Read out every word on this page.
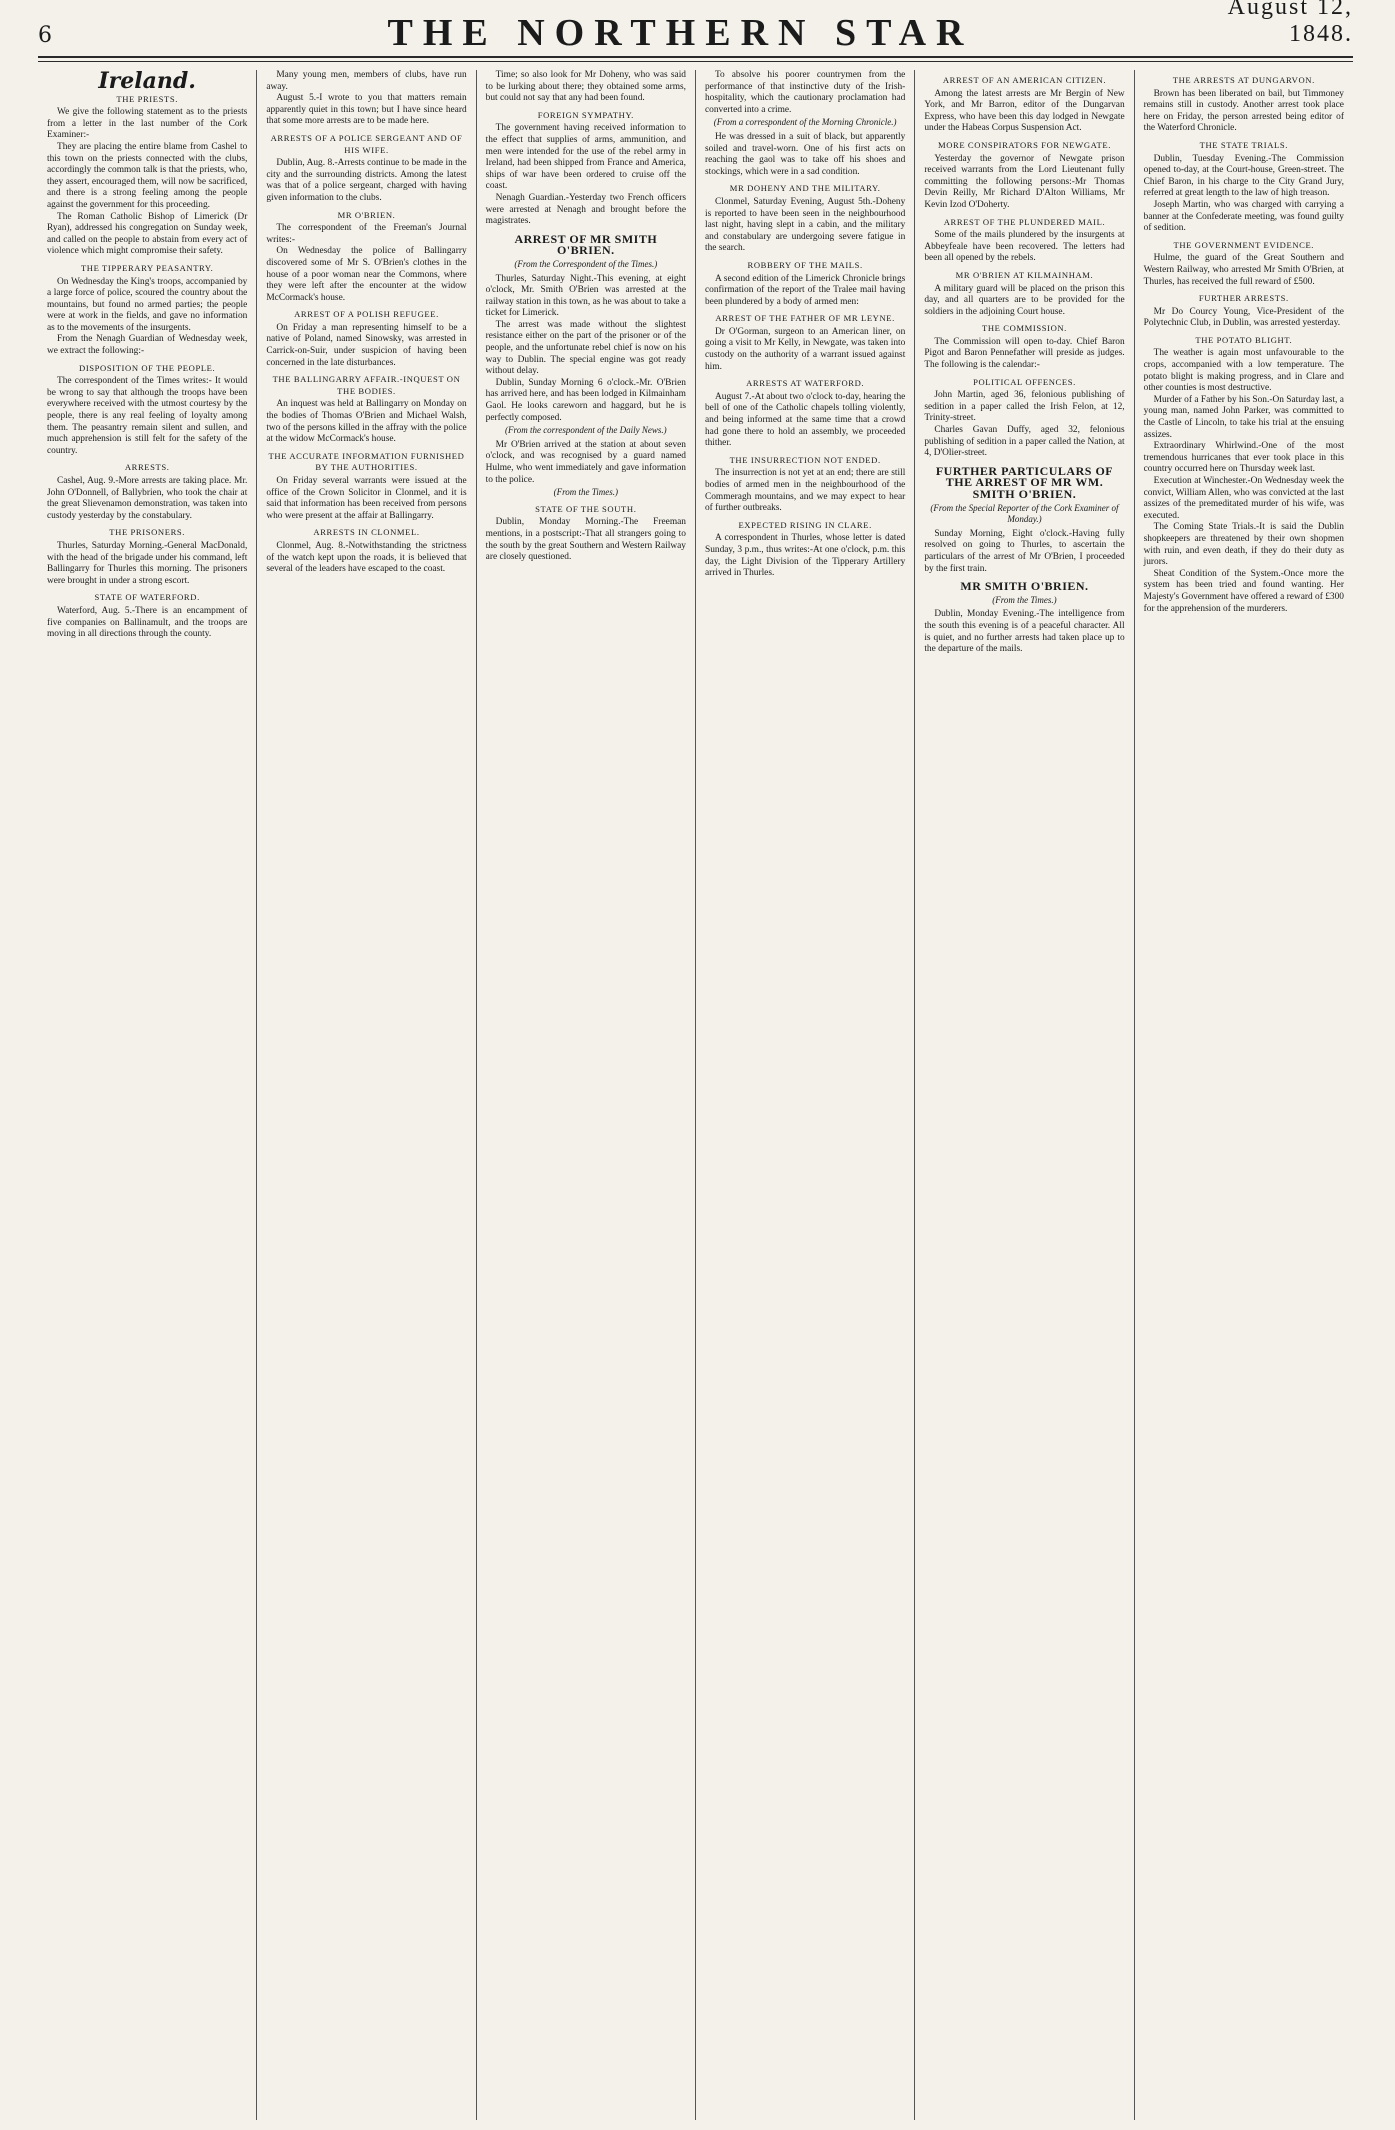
6	THE NORTHERN STAR
August 12, 1848.
Ireland.
THE PRIESTS.

We give the following statement as to the priests from a letter in the last number of the Cork Examiner:-

They are placing the entire blame from Cashel to this town on the priests connected with the clubs, accordingly the common talk is that the priests, who, they assert, encouraged them, will now be sacrificed, and there is a strong feeling among the people against the government for this proceeding.

The Roman Catholic Bishop of Limerick (Dr Ryan), addressed his congregation on Sunday week, and called on the people to abstain from every act of violence which might compromise their safety.

THE TIPPERARY PEASANTRY.

On Wednesday the King's troops, accompanied by a large force of police, scoured the country about the mountains, but found no armed parties; the people were at work in the fields, and gave no information as to the movements of the insurgents.

From the Nenagh Guardian of Wednesday week, we extract the following:-

DISPOSITION OF THE PEOPLE.

The correspondent of the Times writes:- It would be wrong to say that although the troops have been everywhere received with the utmost courtesy by the people, there is any real feeling of loyalty among them. The peasantry remain silent and sullen, and much apprehension is still felt for the safety of the country.

ARRESTS.

Cashel, Aug. 9.-More arrests are taking place. Mr. John O'Donnell, of Ballybrien, who took the chair at the great Slievenamon demonstration, was taken into custody yesterday by the constabulary.

THE PRISONERS.

Thurles, Saturday Morning.-General MacDonald, with the head of the brigade under his command, left Ballingarry for Thurles this morning. The prisoners were brought in under a strong escort.

STATE OF WATERFORD.

Waterford, Aug. 5.-There is an encampment of five companies on Ballinamult, and the troops are moving in all directions through the county.

Many young men, members of clubs, have run away.

August 5.-I wrote to you that matters remain apparently quiet in this town; but I have since heard that some more arrests are to be made here.

ARRESTS OF A POLICE SERGEANT AND OF HIS WIFE.

Dublin, Aug. 8.-Arrests continue to be made in the city and the surrounding districts. Among the latest was that of a police sergeant, charged with having given information to the clubs.

MR O'BRIEN.

The correspondent of the Freeman's Journal writes:-

On Wednesday the police of Ballingarry discovered some of Mr S. O'Brien's clothes in the house of a poor woman near the Commons, where they were left after the encounter at the widow McCormack's house.

ARREST OF A POLISH REFUGEE.

On Friday a man representing himself to be a native of Poland, named Sinowsky, was arrested in Carrick-on-Suir, under suspicion of having been concerned in the late disturbances.

THE BALLINGARRY AFFAIR.-INQUEST ON THE BODIES.

An inquest was held at Ballingarry on Monday on the bodies of Thomas O'Brien and Michael Walsh, two of the persons killed in the affray with the police at the widow McCormack's house.

THE ACCURATE INFORMATION FURNISHED BY THE AUTHORITIES.

On Friday several warrants were issued at the office of the Crown Solicitor in Clonmel, and it is said that information has been received from persons who were present at the affair at Ballingarry.

ARRESTS IN CLONMEL.

Clonmel, Aug. 8.-Notwithstanding the strictness of the watch kept upon the roads, it is believed that several of the leaders have escaped to the coast.

Time; so also look for Mr Doheny, who was said to be lurking about there; they obtained some arms, but could not say that any had been found.

FOREIGN SYMPATHY.

The government having received information to the effect that supplies of arms, ammunition, and men were intended for the use of the rebel army in Ireland, had been shipped from France and America, ships of war have been ordered to cruise off the coast.

Nenagh Guardian.-Yesterday two French officers were arrested at Nenagh and brought before the magistrates.

ARREST OF MR SMITH O'BRIEN.
(From the Correspondent of the Times.)

Thurles, Saturday Night.-This evening, at eight o'clock, Mr. Smith O'Brien was arrested at the railway station in this town, as he was about to take a ticket for Limerick.

The arrest was made without the slightest resistance either on the part of the prisoner or of the people, and the unfortunate rebel chief is now on his way to Dublin. The special engine was got ready without delay.

Dublin, Sunday Morning 6 o'clock.-Mr. O'Brien has arrived here, and has been lodged in Kilmainham Gaol. He looks careworn and haggard, but he is perfectly composed.

(From the correspondent of the Daily News.)

Mr O'Brien arrived at the station at about seven o'clock, and was recognised by a guard named Hulme, who went immediately and gave information to the police.

(From the Times.)
STATE OF THE SOUTH.

Dublin, Monday Morning.-The Freeman mentions, in a postscript:-That all strangers going to the south by the great Southern and Western Railway are closely questioned.

To absolve his poorer countrymen from the performance of that instinctive duty of the Irish-hospitality, which the cautionary proclamation had converted into a crime.

(From a correspondent of the Morning Chronicle.)

He was dressed in a suit of black, but apparently soiled and travel-worn. One of his first acts on reaching the gaol was to take off his shoes and stockings, which were in a sad condition.

MR DOHENY AND THE MILITARY.

Clonmel, Saturday Evening, August 5th.-Doheny is reported to have been seen in the neighbourhood last night, having slept in a cabin, and the military and constabulary are undergoing severe fatigue in the search.

ROBBERY OF THE MAILS.

A second edition of the Limerick Chronicle brings confirmation of the report of the Tralee mail having been plundered by a body of armed men:

ARREST OF THE FATHER OF MR LEYNE.

Dr O'Gorman, surgeon to an American liner, on going a visit to Mr Kelly, in Newgate, was taken into custody on the authority of a warrant issued against him.

ARRESTS AT WATERFORD.

August 7.-At about two o'clock to-day, hearing the bell of one of the Catholic chapels tolling violently, and being informed at the same time that a crowd had gone there to hold an assembly, we proceeded thither.

THE INSURRECTION NOT ENDED.

The insurrection is not yet at an end; there are still bodies of armed men in the neighbourhood of the Commeragh mountains, and we may expect to hear of further outbreaks.

EXPECTED RISING IN CLARE.

A correspondent in Thurles, whose letter is dated Sunday, 3 p.m., thus writes:-At one o'clock, p.m. this day, the Light Division of the Tipperary Artillery arrived in Thurles.

ARREST OF AN AMERICAN CITIZEN.

Among the latest arrests are Mr Bergin of New York, and Mr Barron, editor of the Dungarvan Express, who have been this day lodged in Newgate under the Habeas Corpus Suspension Act.

MORE CONSPIRATORS FOR NEWGATE.

Yesterday the governor of Newgate prison received warrants from the Lord Lieutenant fully committing the following persons:-Mr Thomas Devin Reilly, Mr Richard D'Alton Williams, Mr Kevin Izod O'Doherty.

ARREST OF THE PLUNDERED MAIL.

Some of the mails plundered by the insurgents at Abbeyfeale have been recovered. The letters had been all opened by the rebels.

MR O'BRIEN AT KILMAINHAM.

A military guard will be placed on the prison this day, and all quarters are to be provided for the soldiers in the adjoining Court house.

THE COMMISSION.

The Commission will open to-day. Chief Baron Pigot and Baron Pennefather will preside as judges. The following is the calendar:-

POLITICAL OFFENCES.

John Martin, aged 36, felonious publishing of sedition in a paper called the Irish Felon, at 12, Trinity-street.

Charles Gavan Duffy, aged 32, felonious publishing of sedition in a paper called the Nation, at 4, D'Olier-street.

FURTHER PARTICULARS OF THE ARREST OF MR WM. SMITH O'BRIEN.
(From the Special Reporter of the Cork Examiner of Monday.)

Sunday Morning, Eight o'clock.-Having fully resolved on going to Thurles, to ascertain the particulars of the arrest of Mr O'Brien, I proceeded by the first train.

MR SMITH O'BRIEN.
(From the Times.)

Dublin, Monday Evening.-The intelligence from the south this evening is of a peaceful character. All is quiet, and no further arrests had taken place up to the departure of the mails.

THE ARRESTS AT DUNGARVON.

Brown has been liberated on bail, but Timmoney remains still in custody. Another arrest took place here on Friday, the person arrested being editor of the Waterford Chronicle.

THE STATE TRIALS.

Dublin, Tuesday Evening.-The Commission opened to-day, at the Court-house, Green-street. The Chief Baron, in his charge to the City Grand Jury, referred at great length to the law of high treason.

Joseph Martin, who was charged with carrying a banner at the Confederate meeting, was found guilty of sedition.

THE GOVERNMENT EVIDENCE.

Hulme, the guard of the Great Southern and Western Railway, who arrested Mr Smith O'Brien, at Thurles, has received the full reward of £500.

FURTHER ARRESTS.

Mr Do Courcy Young, Vice-President of the Polytechnic Club, in Dublin, was arrested yesterday.

THE POTATO BLIGHT.

The weather is again most unfavourable to the crops, accompanied with a low temperature. The potato blight is making progress, and in Clare and other counties is most destructive.

Murder of a Father by his Son.-On Saturday last, a young man, named John Parker, was committed to the Castle of Lincoln, to take his trial at the ensuing assizes.

Extraordinary Whirlwind.-One of the most tremendous hurricanes that ever took place in this country occurred here on Thursday week last.

Execution at Winchester.-On Wednesday week the convict, William Allen, who was convicted at the last assizes of the premeditated murder of his wife, was executed.

The Coming State Trials.-It is said the Dublin shopkeepers are threatened by their own shopmen with ruin, and even death, if they do their duty as jurors.

Sheat Condition of the System.-Once more the system has been tried and found wanting. Her Majesty's Government have offered a reward of £300 for the apprehension of the murderers.
